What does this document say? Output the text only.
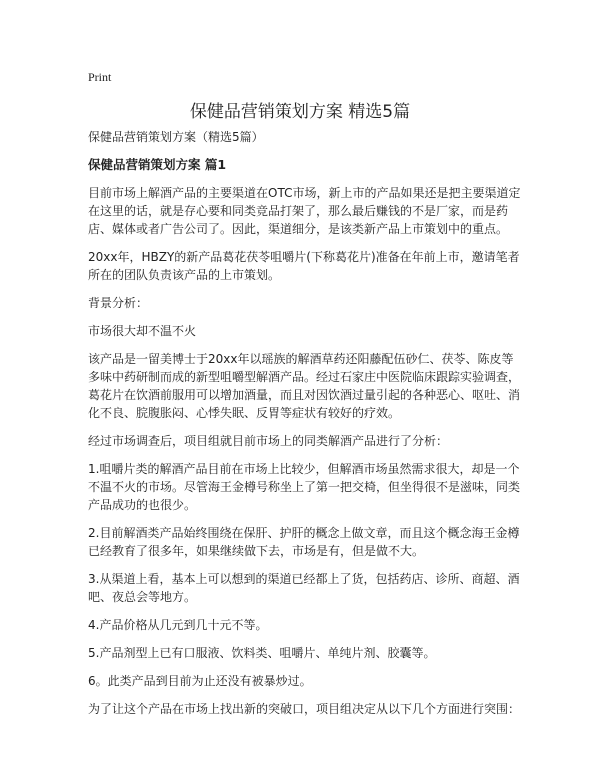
Print
保健品营销策划方案 精选5篇

保健品营销策划方案（精选5篇）

保健品营销策划方案 篇1

目前市场上解酒产品的主要渠道在OTC市场，新上市的产品如果还是把主要渠道定在这里的话，就是存心要和同类竞品打架了，那么最后赚钱的不是厂家，而是药店、媒体或者广告公司了。因此，渠道细分，是该类新产品上市策划中的重点。

20xx年，HBZY的新产品葛花茯苓咀嚼片(下称葛花片)准备在年前上市，邀请笔者所在的团队负责该产品的上市策划。

背景分析：

市场很大却不温不火

该产品是一留美博士于20xx年以瑶族的解酒草药还阳藤配伍砂仁、茯苓、陈皮等多味中药研制而成的新型咀嚼型解酒产品。经过石家庄中医院临床跟踪实验调查，葛花片在饮酒前服用可以增加酒量，而且对因饮酒过量引起的各种恶心、呕吐、消化不良、脘腹胀闷、心悸失眠、反胃等症状有较好的疗效。

经过市场调查后，项目组就目前市场上的同类解酒产品进行了分析：

1.咀嚼片类的解酒产品目前在市场上比较少，但解酒市场虽然需求很大，却是一个不温不火的市场。尽管海王金樽号称坐上了第一把交椅，但坐得很不是滋味，同类产品成功的也很少。

2.目前解酒类产品始终围绕在保肝、护肝的概念上做文章，而且这个概念海王金樽已经教育了很多年，如果继续做下去，市场是有，但是做不大。

3.从渠道上看，基本上可以想到的渠道已经都上了货，包括药店、诊所、商超、酒吧、夜总会等地方。

4.产品价格从几元到几十元不等。

5.产品剂型上已有口服液、饮料类、咀嚼片、单纯片剂、胶囊等。

6。此类产品到目前为止还没有被暴炒过。

为了让这个产品在市场上找出新的突破口，项目组决定从以下几个方面进行突围：
